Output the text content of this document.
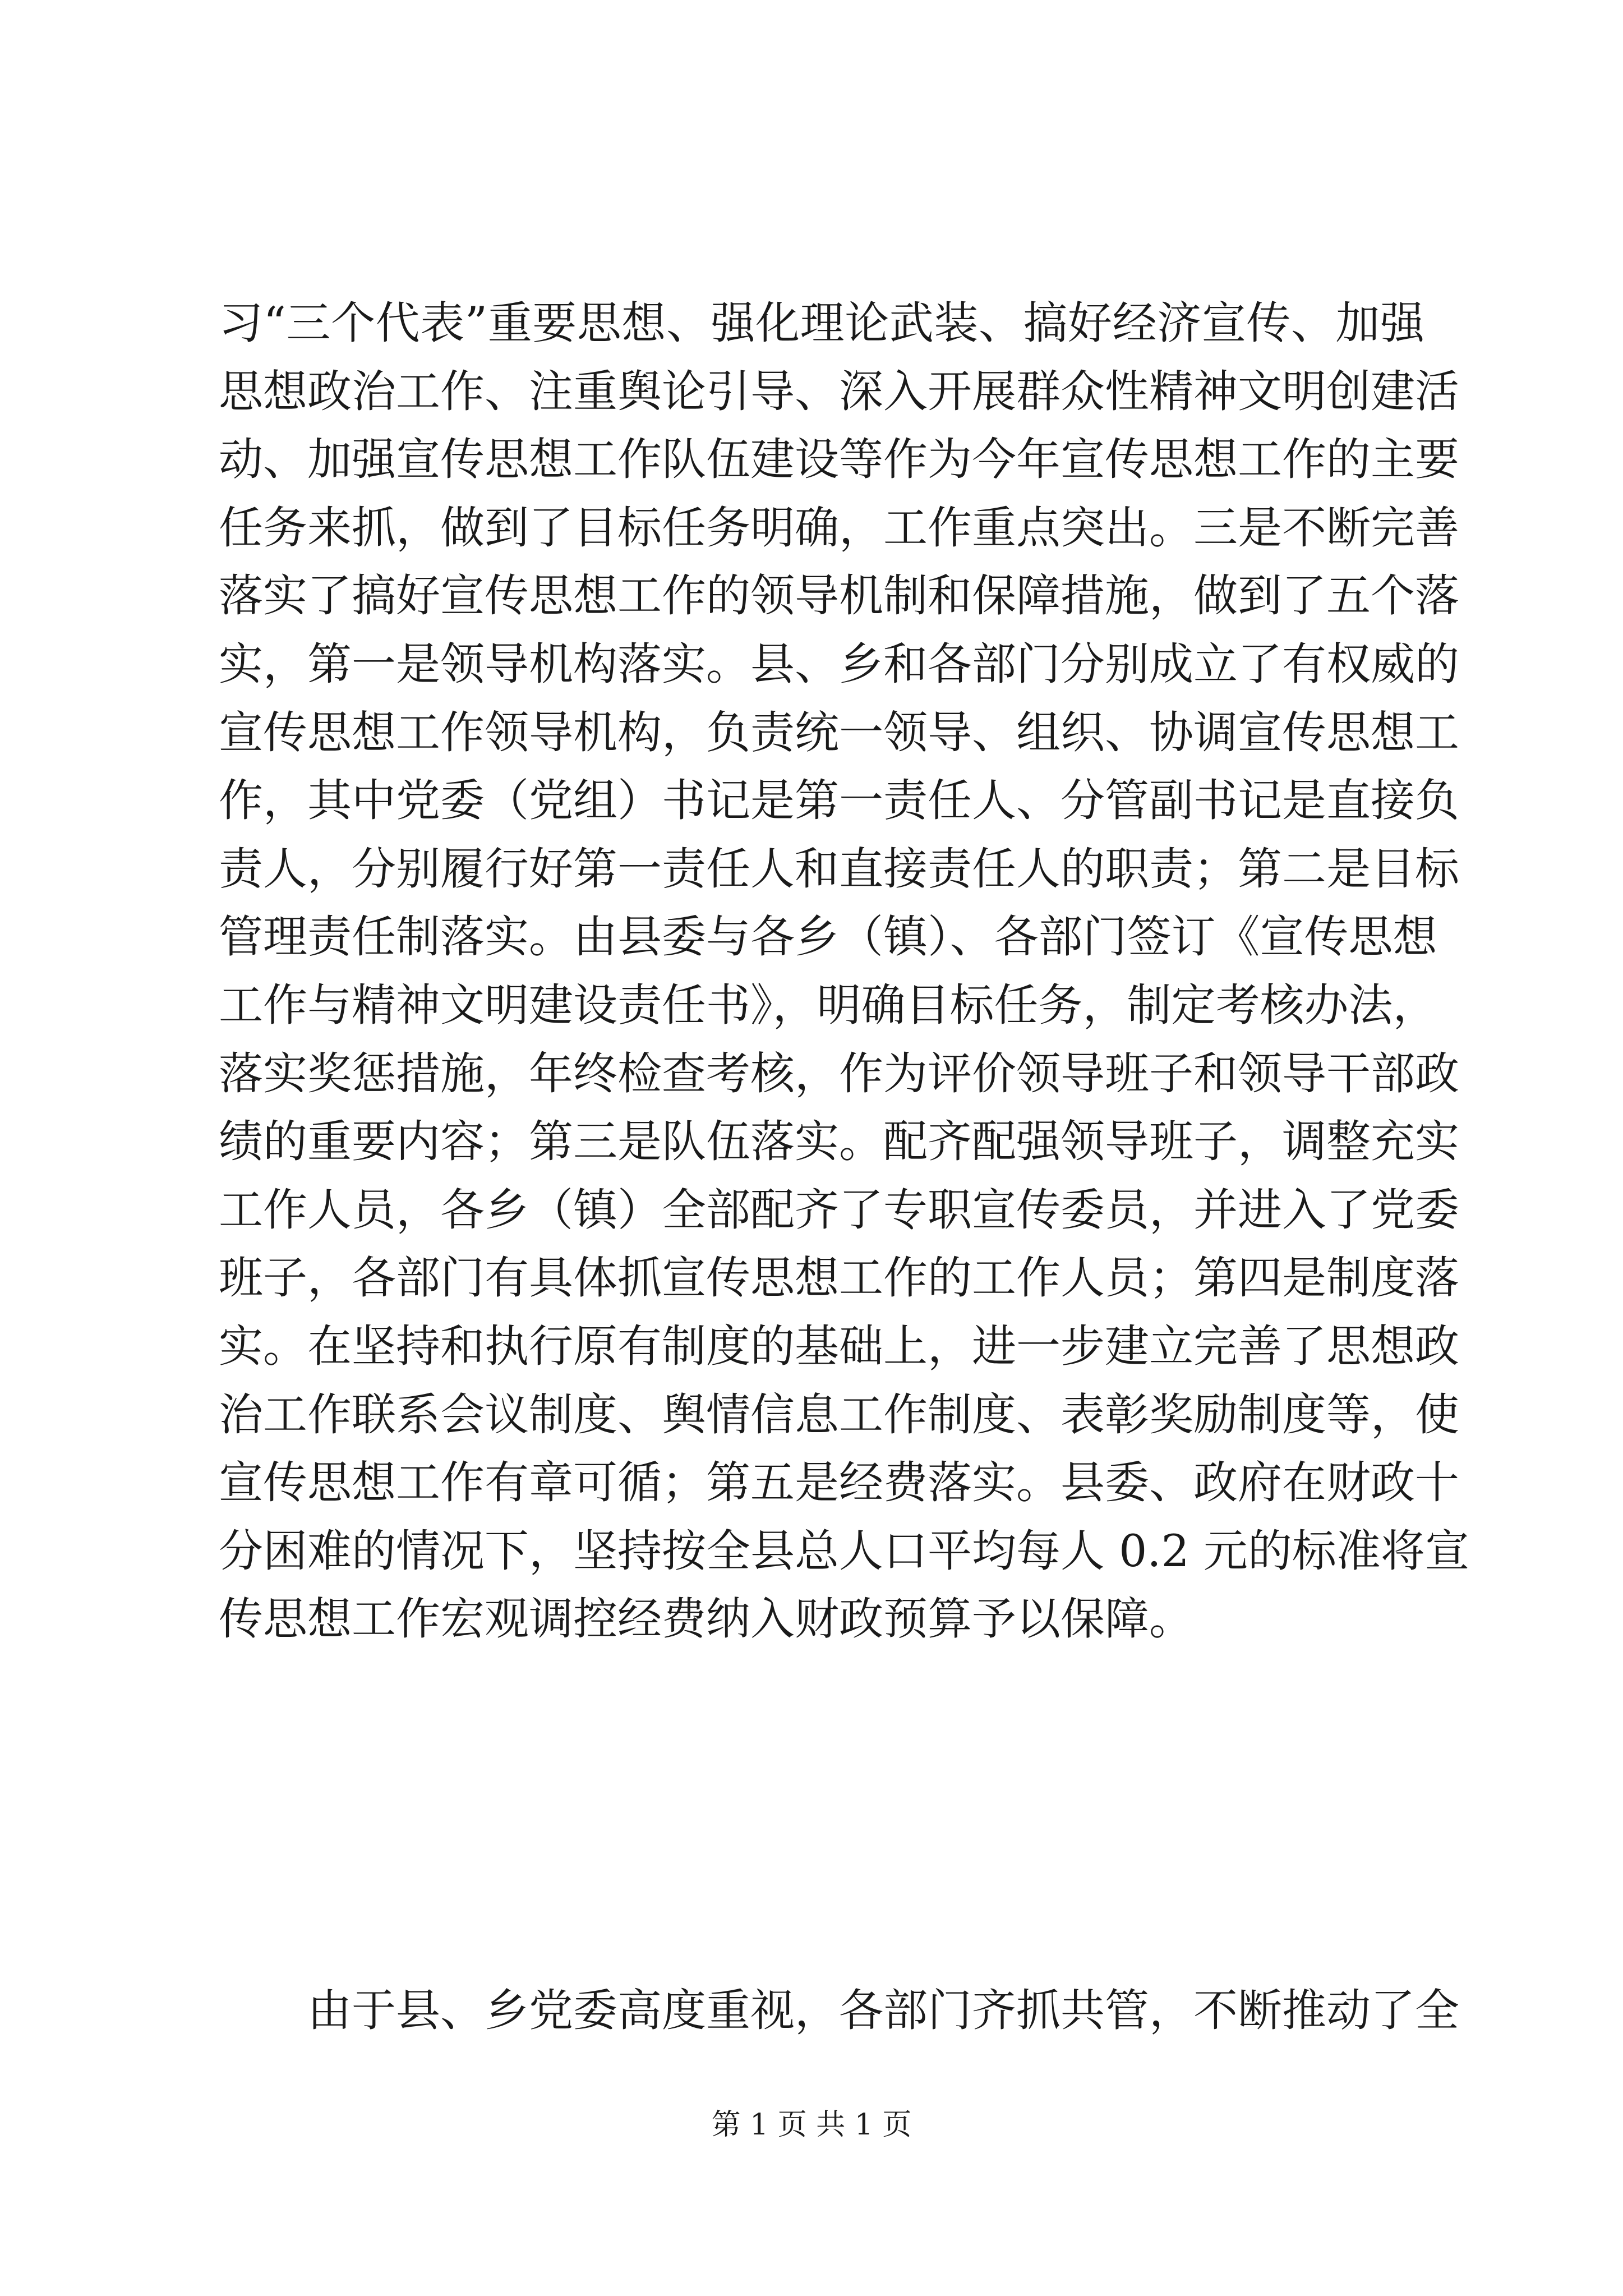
习“三个代表”重要思想、强化理论武装、搞好经济宣传、加强
思想政治工作、注重舆论引导、深入开展群众性精神文明创建活
动、加强宣传思想工作队伍建设等作为今年宣传思想工作的主要
任务来抓，做到了目标任务明确，工作重点突出。三是不断完善
落实了搞好宣传思想工作的领导机制和保障措施，做到了五个落
实，第一是领导机构落实。县、乡和各部门分别成立了有权威的
宣传思想工作领导机构，负责统一领导、组织、协调宣传思想工
作，其中党委（党组）书记是第一责任人、分管副书记是直接负
责人，分别履行好第一责任人和直接责任人的职责；第二是目标
管理责任制落实。由县委与各乡（镇）、各部门签订《宣传思想
工作与精神文明建设责任书》，明确目标任务，制定考核办法，
落实奖惩措施，年终检查考核，作为评价领导班子和领导干部政
绩的重要内容；第三是队伍落实。配齐配强领导班子，调整充实
工作人员，各乡（镇）全部配齐了专职宣传委员，并进入了党委
班子，各部门有具体抓宣传思想工作的工作人员；第四是制度落
实。在坚持和执行原有制度的基础上，进一步建立完善了思想政
治工作联系会议制度、舆情信息工作制度、表彰奖励制度等，使
宣传思想工作有章可循；第五是经费落实。县委、政府在财政十
分困难的情况下，坚持按全县总人口平均每人 0.2 元的标准将宣
传思想工作宏观调控经费纳入财政预算予以保障。
由于县、乡党委高度重视，各部门齐抓共管，不断推动了全
第 1 页 共 1 页
